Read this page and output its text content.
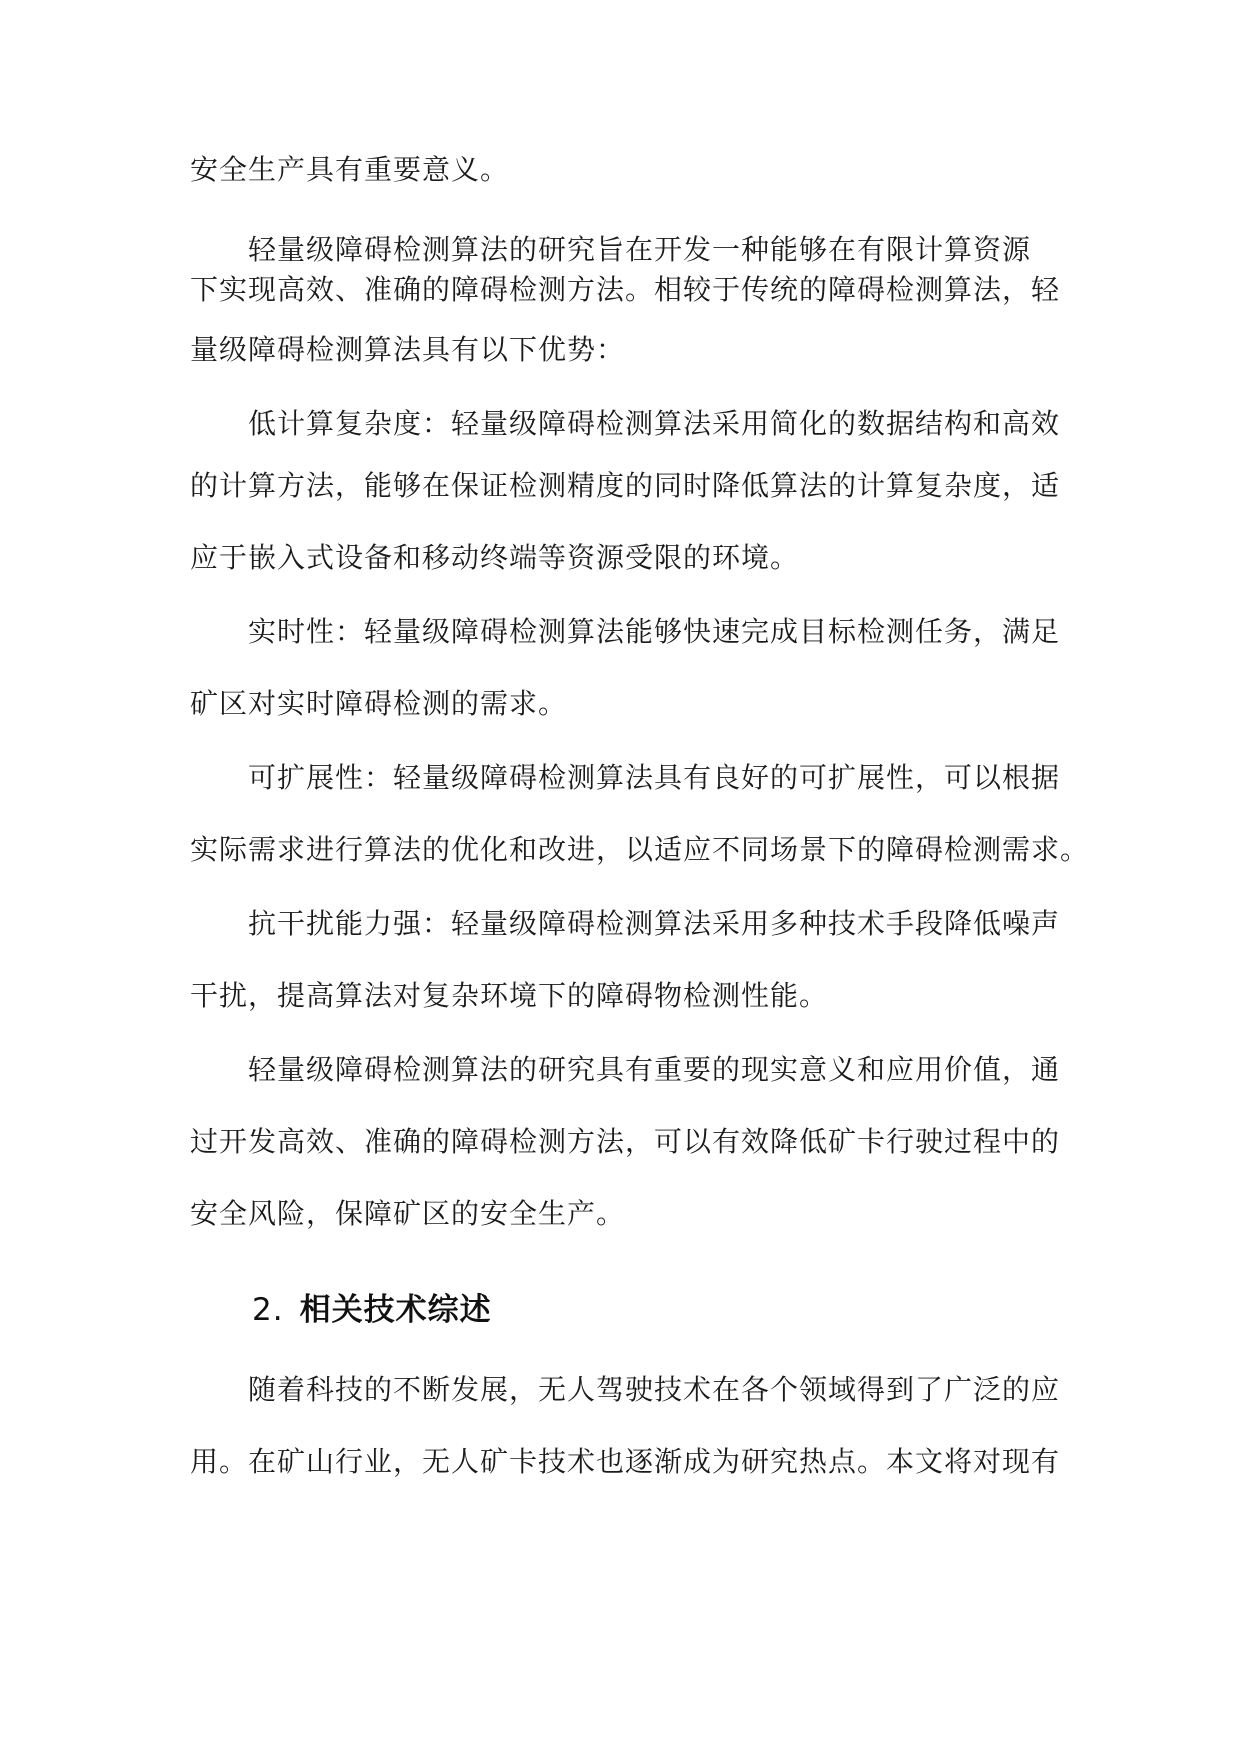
安全生产具有重要意义。
轻量级障碍检测算法的研究旨在开发一种能够在有限计算资源
下实现高效、准确的障碍检测方法。相较于传统的障碍检测算法，轻
量级障碍检测算法具有以下优势：
低计算复杂度：轻量级障碍检测算法采用简化的数据结构和高效
的计算方法，能够在保证检测精度的同时降低算法的计算复杂度，适
应于嵌入式设备和移动终端等资源受限的环境。
实时性：轻量级障碍检测算法能够快速完成目标检测任务，满足
矿区对实时障碍检测的需求。
可扩展性：轻量级障碍检测算法具有良好的可扩展性，可以根据
实际需求进行算法的优化和改进，以适应不同场景下的障碍检测需求。
抗干扰能力强：轻量级障碍检测算法采用多种技术手段降低噪声
干扰，提高算法对复杂环境下的障碍物检测性能。
轻量级障碍检测算法的研究具有重要的现实意义和应用价值，通
过开发高效、准确的障碍检测方法，可以有效降低矿卡行驶过程中的
安全风险，保障矿区的安全生产。
2. 相关技术综述
随着科技的不断发展，无人驾驶技术在各个领域得到了广泛的应
用。在矿山行业，无人矿卡技术也逐渐成为研究热点。本文将对现有
